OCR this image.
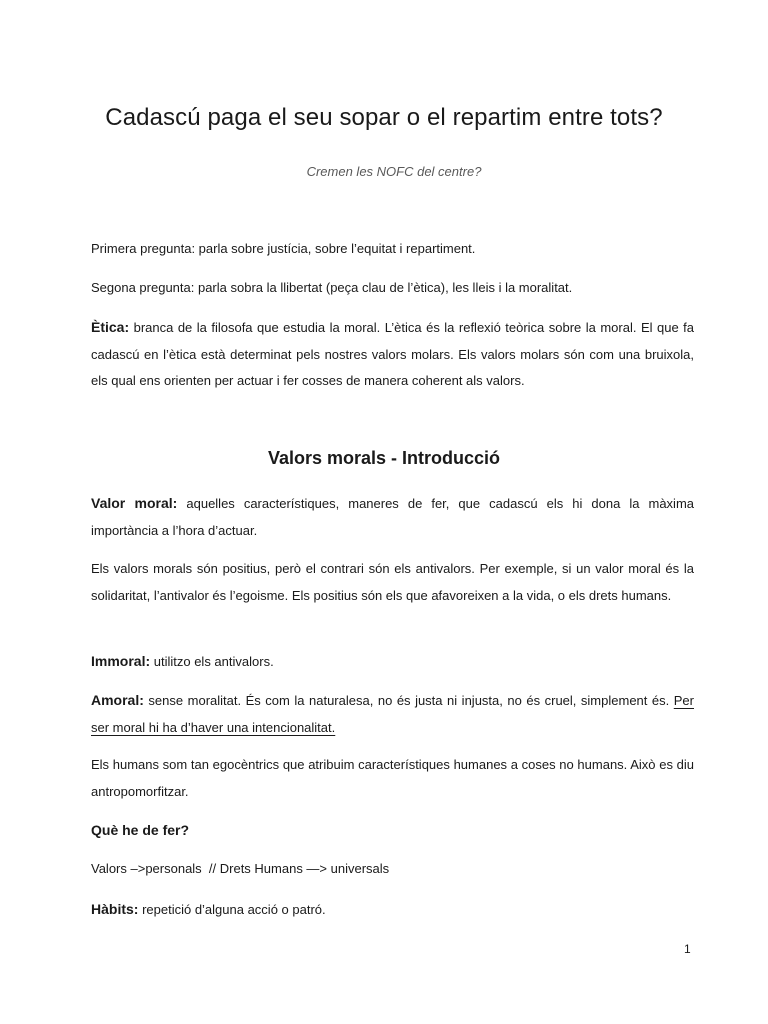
Cadascú paga el seu sopar o el repartim entre tots?

Cremen les NOFC del centre?

Primera pregunta: parla sobre justícia, sobre l’equitat i repartiment.

Segona pregunta: parla sobra la llibertat (peça clau de l’ètica), les lleis i la moralitat.

Ètica: branca de la filosofa que estudia la moral. L’ètica és la reflexió teòrica sobre la moral. El que fa cadascú en l’ètica està determinat pels nostres valors molars. Els valors molars són com una bruixola, els qual ens orienten per actuar i fer cosses de manera coherent als valors.

Valors morals - Introducció

Valor moral: aquelles característiques, maneres de fer, que cadascú els hi dona la màxima importància a l’hora d’actuar.

Els valors morals són positius, però el contrari són els antivalors. Per exemple, si un valor moral és la solidaritat, l’antivalor és l’egoisme. Els positius són els que afavoreixen a la vida, o els drets humans.

Immoral: utilitzo els antivalors.

Amoral: sense moralitat. És com la naturalesa, no és justa ni injusta, no és cruel, simplement és. Per ser moral hi ha d’haver una intencionalitat.

Els humans som tan egocèntrics que atribuim característiques humanes a coses no humans. Això es diu antropomorfitzar.

Què he de fer?

Valors –>personals  // Drets Humans —> universals

Hàbits: repetició d’alguna acció o patró.

1
